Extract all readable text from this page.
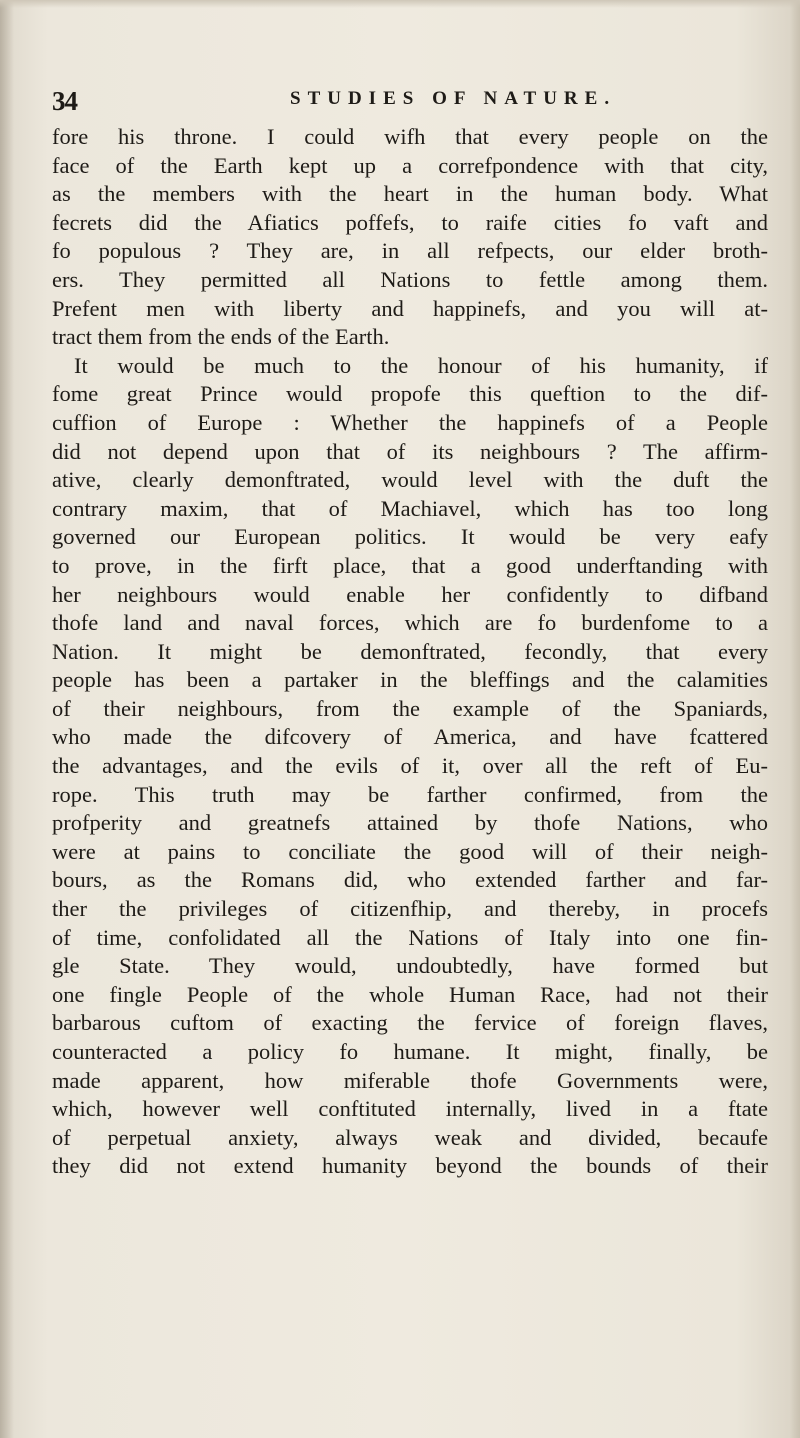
34	STUDIES OF NATURE.
fore his throne. I could wifh that every people on the
face of the Earth kept up a correfpondence with that city,
as the members with the heart in the human body. What
fecrets did the Afiatics poffefs, to raife cities fo vaft and
fo populous ? They are, in all refpects, our elder broth-
ers. They permitted all Nations to fettle among them.
Prefent men with liberty and happinefs, and you will at-
tract them from the ends of the Earth.
It would be much to the honour of his humanity, if
fome great Prince would propofe this queftion to the dif-
cuffion of Europe : Whether the happinefs of a People
did not depend upon that of its neighbours ? The affirm-
ative, clearly demonftrated, would level with the duft the
contrary maxim, that of Machiavel, which has too long
governed our European politics. It would be very eafy
to prove, in the firft place, that a good underftanding with
her neighbours would enable her confidently to difband
thofe land and naval forces, which are fo burdenfome to a
Nation. It might be demonftrated, fecondly, that every
people has been a partaker in the bleffings and the calamities
of their neighbours, from the example of the Spaniards,
who made the difcovery of America, and have fcattered
the advantages, and the evils of it, over all the reft of Eu-
rope. This truth may be farther confirmed, from the
profperity and greatnefs attained by thofe Nations, who
were at pains to conciliate the good will of their neigh-
bours, as the Romans did, who extended farther and far-
ther the privileges of citizenfhip, and thereby, in procefs
of time, confolidated all the Nations of Italy into one fin-
gle State. They would, undoubtedly, have formed but
one fingle People of the whole Human Race, had not their
barbarous cuftom of exacting the fervice of foreign flaves,
counteracted a policy fo humane. It might, finally, be
made apparent, how miferable thofe Governments were,
which, however well conftituted internally, lived in a ftate
of perpetual anxiety, always weak and divided, becaufe
they did not extend humanity beyond the bounds of their
